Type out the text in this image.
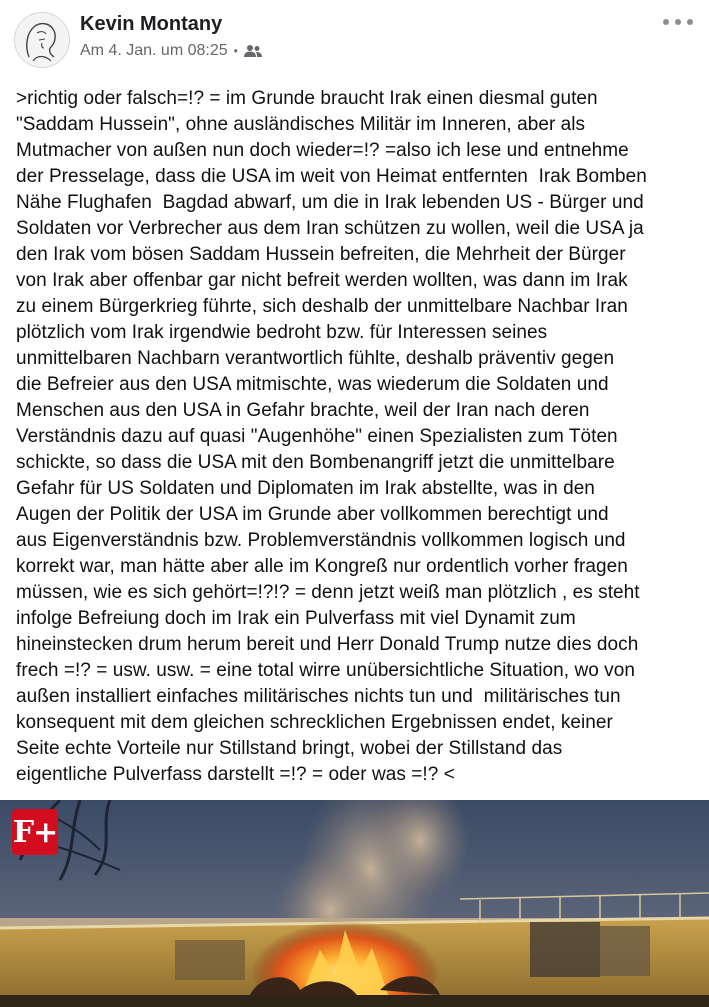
Kevin Montany
Am 4. Jan. um 08:25 •

>richtig oder falsch=!? = im Grunde braucht Irak einen diesmal guten
"Saddam Hussein", ohne ausländisches Militär im Inneren, aber als
Mutmacher von außen nun doch wieder=!? =also ich lese und entnehme
der Presselage, dass die USA im weit von Heimat entfernten  Irak Bomben
Nähe Flughafen  Bagdad abwarf, um die in Irak lebenden US - Bürger und
Soldaten vor Verbrecher aus dem Iran schützen zu wollen, weil die USA ja
den Irak vom bösen Saddam Hussein befreiten, die Mehrheit der Bürger
von Irak aber offenbar gar nicht befreit werden wollten, was dann im Irak
zu einem Bürgerkrieg führte, sich deshalb der unmittelbare Nachbar Iran
plötzlich vom Irak irgendwie bedroht bzw. für Interessen seines
unmittelbaren Nachbarn verantwortlich fühlte, deshalb präventiv gegen
die Befreier aus den USA mitmischte, was wiederum die Soldaten und
Menschen aus den USA in Gefahr brachte, weil der Iran nach deren
Verständnis dazu auf quasi "Augenhöhe" einen Spezialisten zum Töten
schickte, so dass die USA mit den Bombenangriff jetzt die unmittelbare
Gefahr für US Soldaten und Diplomaten im Irak abstellte, was in den
Augen der Politik der USA im Grunde aber vollkommen berechtigt und
aus Eigenverständnis bzw. Problemverständnis vollkommen logisch und
korrekt war, man hätte aber alle im Kongreß nur ordentlich vorher fragen
müssen, wie es sich gehört=!?!? = denn jetzt weiß man plötzlich , es steht
infolge Befreiung doch im Irak ein Pulverfass mit viel Dynamit zum
hineinstecken drum herum bereit und Herr Donald Trump nutze dies doch
frech =!? = usw. usw. = eine total wirre unübersichtliche Situation, wo von
außen installiert einfaches militärisches nichts tun und  militärisches tun
konsequent mit dem gleichen schrecklichen Ergebnissen endet, keiner
Seite echte Vorteile nur Stillstand bringt, wobei der Stillstand das
eigentliche Pulverfass darstellt =!? = oder was =!? <

F+
